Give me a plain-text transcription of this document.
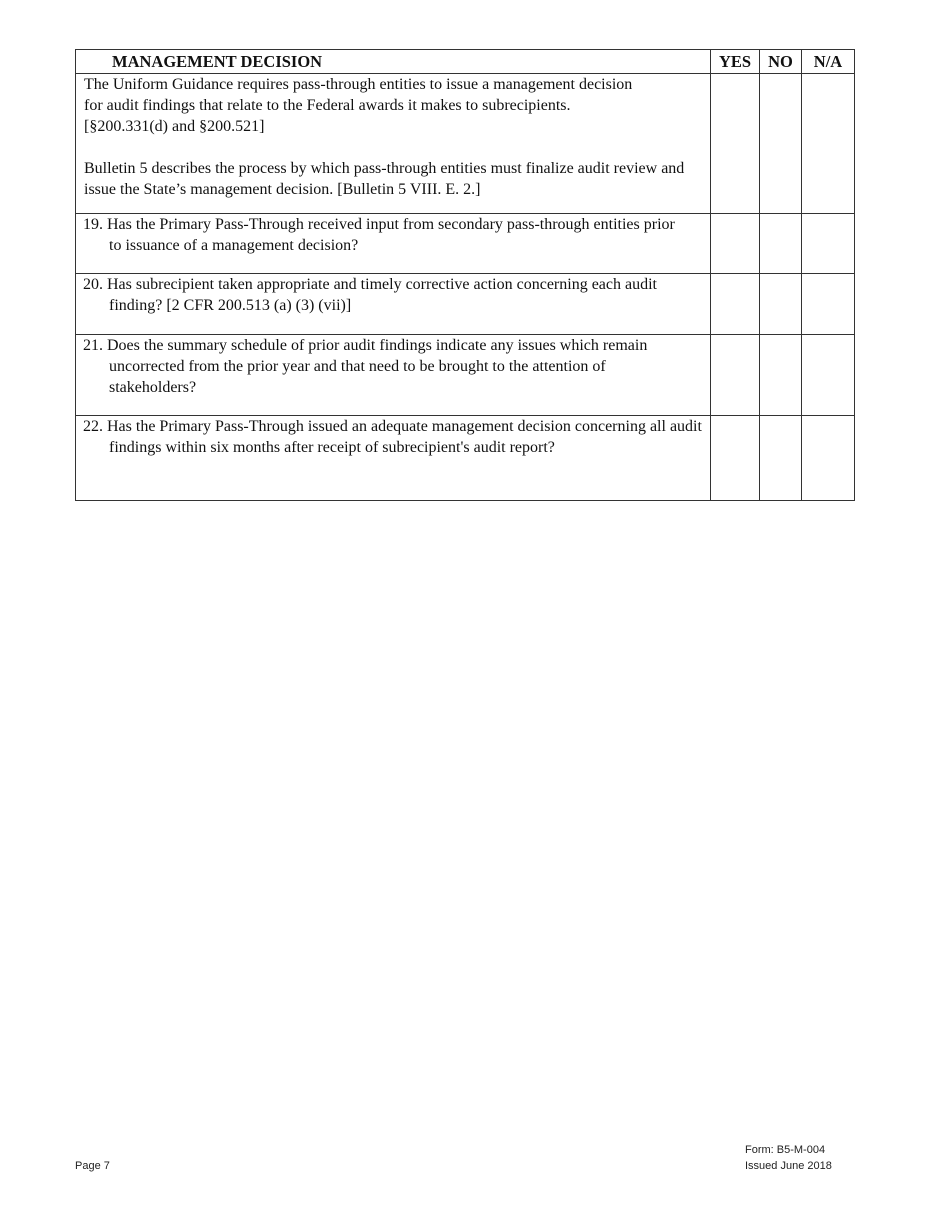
MANAGEMENT DECISION	YES	NO	N/A

The Uniform Guidance requires pass-through entities to issue a management decision for audit findings that relate to the Federal awards it makes to subrecipients. [§200.331(d) and §200.521]

Bulletin 5 describes the process by which pass-through entities must finalize audit review and issue the State’s management decision. [Bulletin 5 VIII. E. 2.]			

19. Has the Primary Pass-Through received input from secondary pass-through entities prior to issuance of a management decision?			

20. Has subrecipient taken appropriate and timely corrective action concerning each audit finding? [2 CFR 200.513 (a) (3) (vii)]			

21. Does the summary schedule of prior audit findings indicate any issues which remain uncorrected from the prior year and that need to be brought to the attention of stakeholders?			

22. Has the Primary Pass-Through issued an adequate management decision concerning all audit findings within six months after receipt of subrecipient's audit report?			

Page 7
Form: B5-M-004
Issued June 2018
